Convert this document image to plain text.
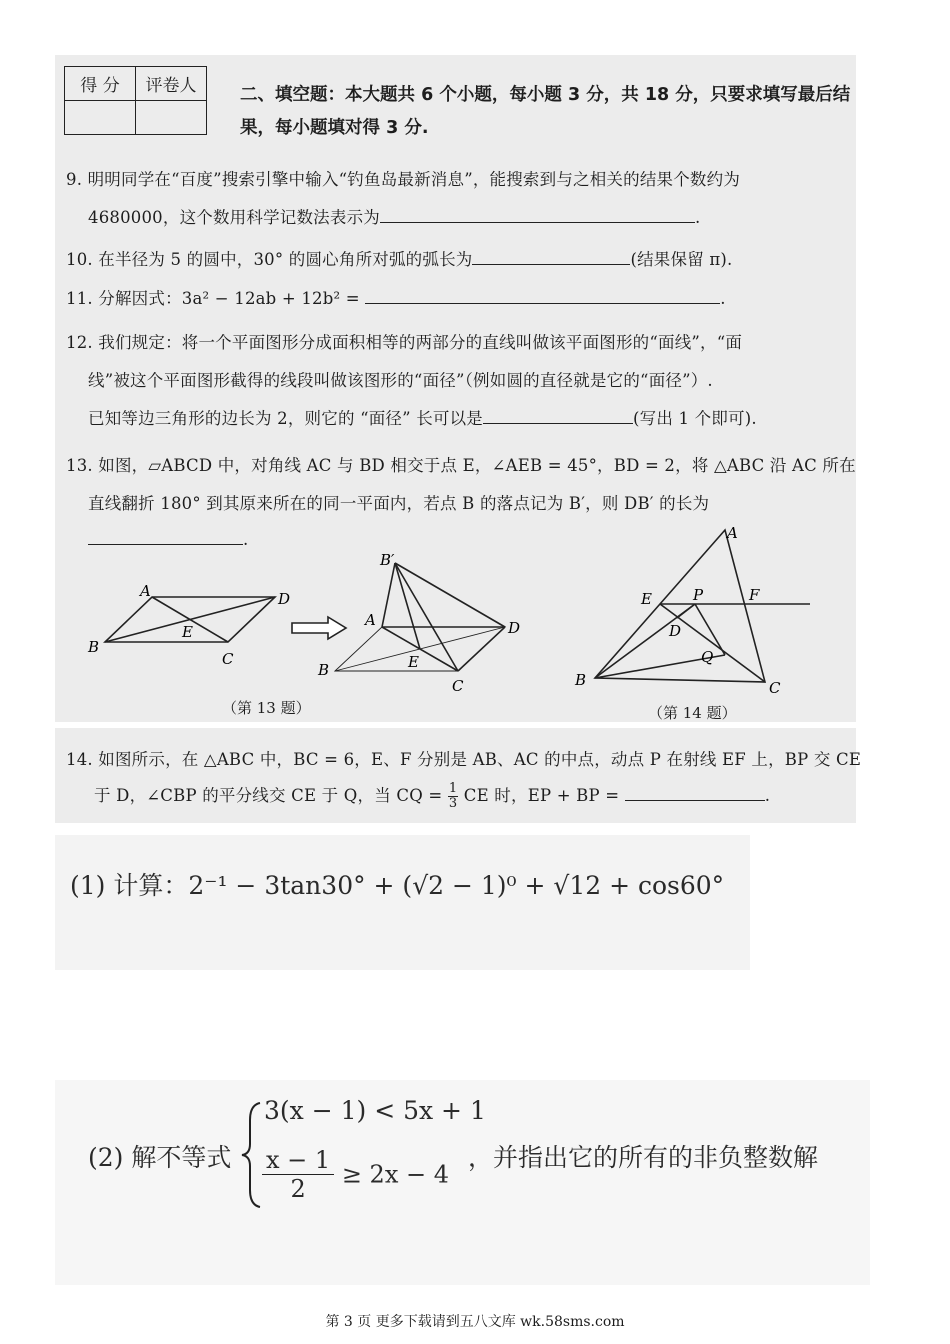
得 分	评卷人
	二、填空题：本大题共 6 个小题，每小题 3 分，共 18 分，只要求填写最后结
果，每小题填对得 3 分.
9. 明明同学在“百度”搜索引擎中输入“钓鱼岛最新消息”，能搜索到与之相关的结果个数约为
4680000，这个数用科学记数法表示为	.
10. 在半径为 5 的圆中，30° 的圆心角所对弧的弧长为	(结果保留 π).
11. 分解因式：3a² − 12ab + 12b² =	.
12. 我们规定：将一个平面图形分成面积相等的两部分的直线叫做该平面图形的“面线”，“面
线”被这个平面图形截得的线段叫做该图形的“面径”（例如圆的直径就是它的“面径”）.
已知等边三角形的边长为 2，则它的 “面径” 长可以是	(写出 1 个即可).
13. 如图，▱ABCD 中，对角线 AC 与 BD 相交于点 E，∠AEB = 45°，BD = 2，将 △ABC 沿 AC 所在
直线翻折 180° 到其原来所在的同一平面内，若点 B 的落点记为 B′，则 DB′ 的长为
.
A
B
C
D
E
B′
A
B
C
D
E
（第 13 题）
A
B	C
E	P	F
D
Q
（第 14 题）
14. 如图所示，在 △ABC 中，BC = 6，E、F 分别是 AB、AC 的中点，动点 P 在射线 EF 上，BP 交 CE
于 D，∠CBP 的平分线交 CE 于 Q，当 CQ = $\frac{1}{3}$ CE 时，EP + BP =	.
(1) 计算：2⁻¹ − 3tan30° + (√2 − 1)⁰ + √12 + cos60°
(2) 解不等式
3(x − 1) < 5x + 1
$\frac{x - 1}{2} \ge 2x - 4$
，并指出它的所有的非负整数解
第 3 页 更多下载请到五八文库 wk.58sms.com
